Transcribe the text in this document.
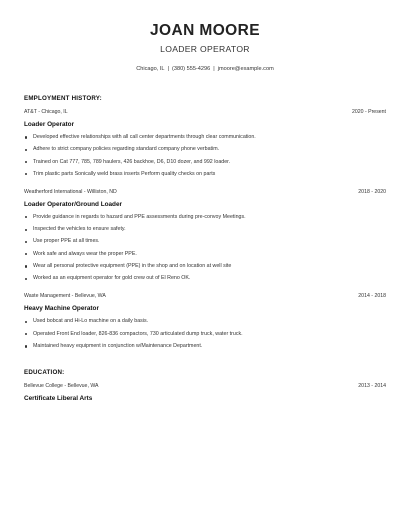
JOAN MOORE
LOADER OPERATOR
Chicago, IL | (380) 555-4296 | jmoore@example.com
EMPLOYMENT HISTORY:
AT&T - Chicago, IL	2020 - Present
Loader Operator
Developed effective relationships with all call center departments through clear communication.
Adhere to strict company policies regarding standard company phone verbatim.
Trained on Cat 777, 785, 789 haulers, 426 backhoe, D6, D10 dozer, and 992 loader.
Trim plastic parts Sonically weld brass inserts Perform quality checks on parts
Weatherford International - Williston, ND	2018 - 2020
Loader Operator/Ground Loader
Provide guidance in regards to hazard and PPE assessments during pre-convoy Meetings.
Inspected the vehicles to ensure safety.
Use proper PPE at all times.
Work safe and always wear the proper PPE.
Wear all personal protective equipment (PPE) in the shop and on location at well site
Worked as an equipment operator for gold crew out of El Reno OK.
Waste Management - Bellevue, WA	2014 - 2018
Heavy Machine Operator
Used bobcat and Hi-Lo machine on a daily basis.
Operated Front End loader, 826-836 compactors, 730 articulated dump truck, water truck.
Maintained heavy equipment in conjunction w/Maintenance Department.
EDUCATION:
Bellevue College - Bellevue, WA	2013 - 2014
Certificate Liberal Arts
